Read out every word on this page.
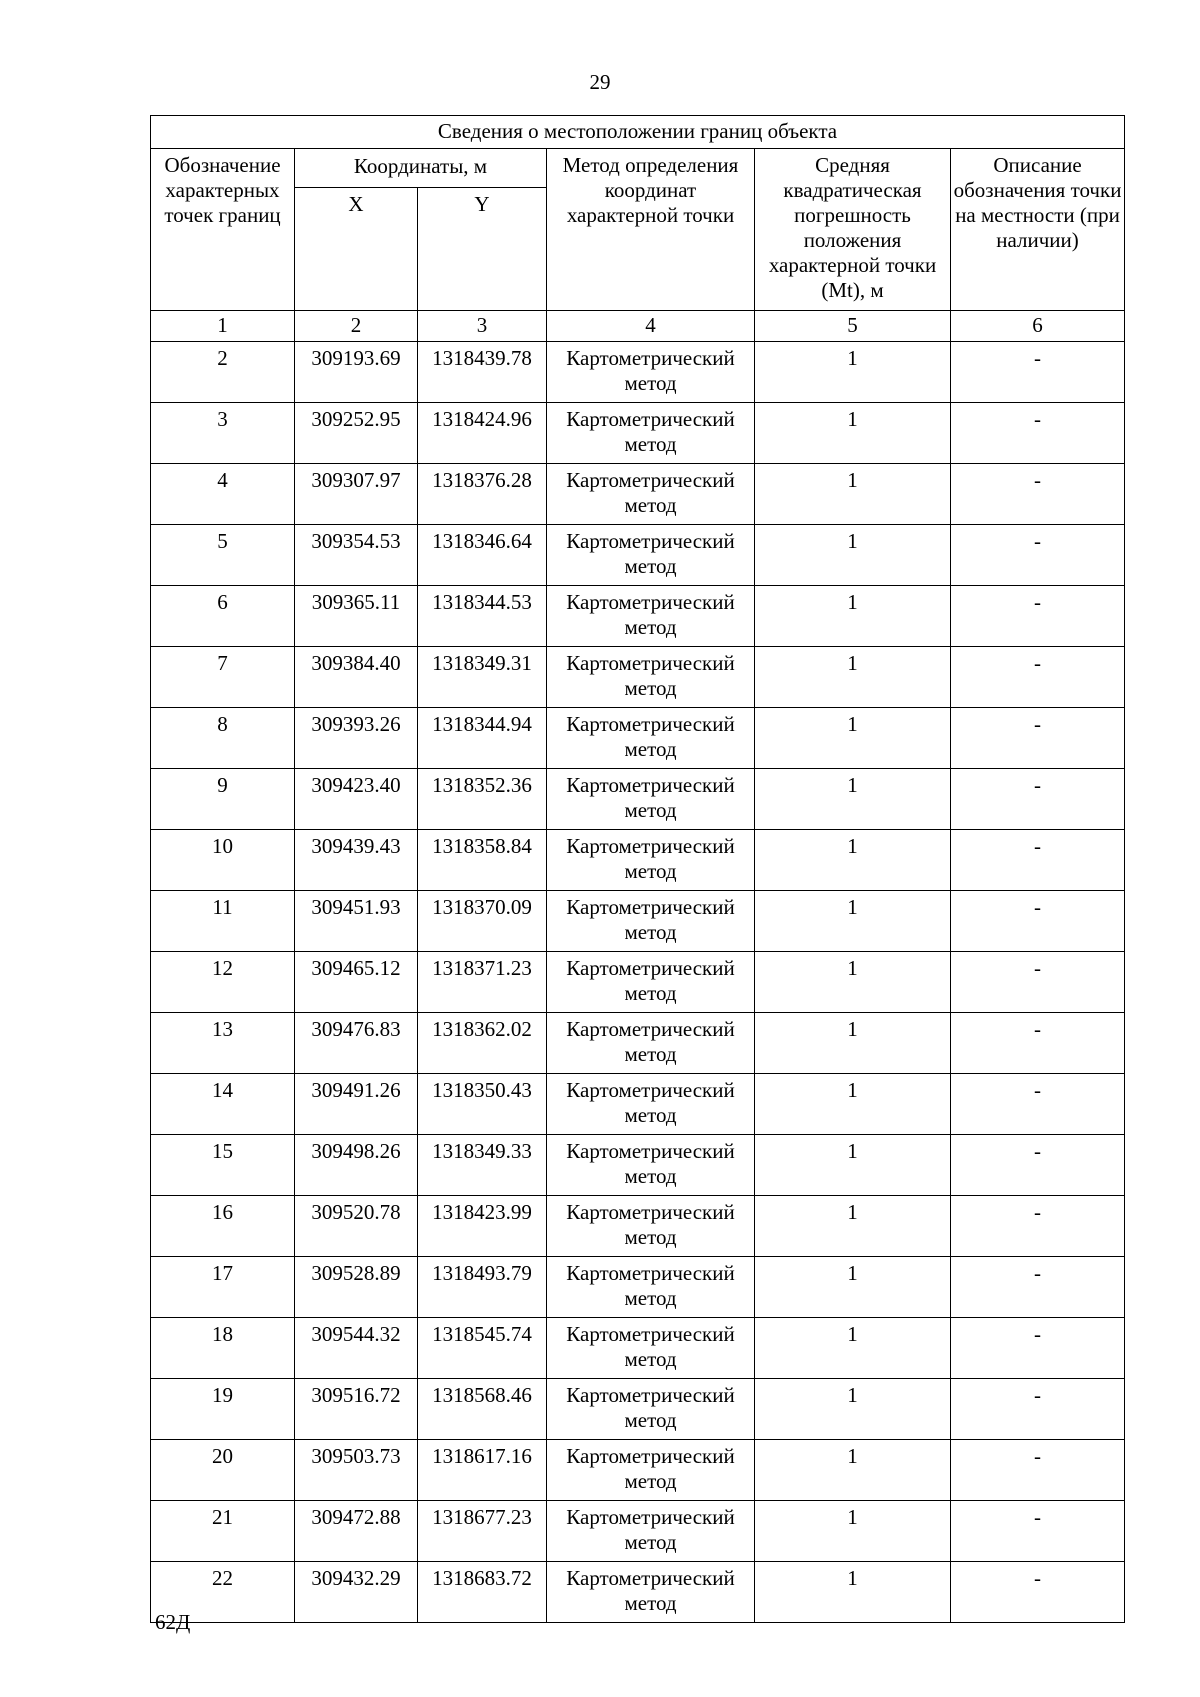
29
Сведения о местоположении границ объекта					
Обозначение характерных точек границ	Координаты, м		Метод определения координат характерной точки	Средняя квадратическая погрешность положения характерной точки (Mt), м	Описание обозначения точки на местности (при наличии)
	X	Y			
1	2	3	4	5	6
2	309193.69	1318439.78	Картометрический метод	1	-
3	309252.95	1318424.96	Картометрический метод	1	-
4	309307.97	1318376.28	Картометрический метод	1	-
5	309354.53	1318346.64	Картометрический метод	1	-
6	309365.11	1318344.53	Картометрический метод	1	-
7	309384.40	1318349.31	Картометрический метод	1	-
8	309393.26	1318344.94	Картометрический метод	1	-
9	309423.40	1318352.36	Картометрический метод	1	-
10	309439.43	1318358.84	Картометрический метод	1	-
11	309451.93	1318370.09	Картометрический метод	1	-
12	309465.12	1318371.23	Картометрический метод	1	-
13	309476.83	1318362.02	Картометрический метод	1	-
14	309491.26	1318350.43	Картометрический метод	1	-
15	309498.26	1318349.33	Картометрический метод	1	-
16	309520.78	1318423.99	Картометрический метод	1	-
17	309528.89	1318493.79	Картометрический метод	1	-
18	309544.32	1318545.74	Картометрический метод	1	-
19	309516.72	1318568.46	Картометрический метод	1	-
20	309503.73	1318617.16	Картометрический метод	1	-
21	309472.88	1318677.23	Картометрический метод	1	-
22	309432.29	1318683.72	Картометрический метод	1	-
62Д
